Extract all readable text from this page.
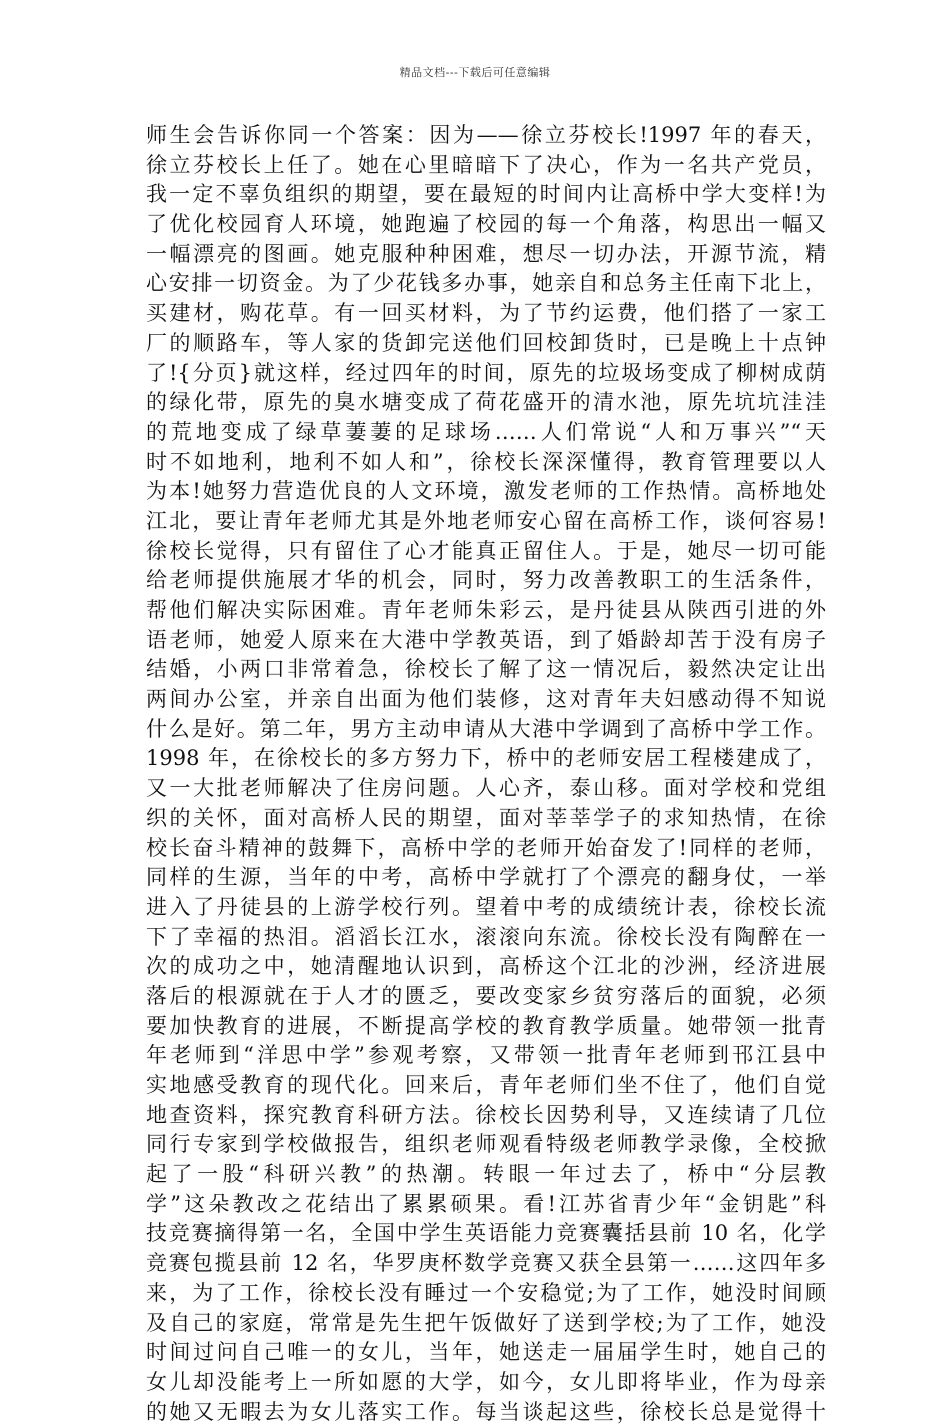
精品文档---下载后可任意编辑
师生会告诉你同一个答案：因为——徐立芬校长!1997 年的春天，
徐立芬校长上任了。她在心里暗暗下了决心，作为一名共产党员，
我一定不辜负组织的期望，要在最短的时间内让高桥中学大变样!为
了优化校园育人环境，她跑遍了校园的每一个角落，构思出一幅又
一幅漂亮的图画。她克服种种困难，想尽一切办法，开源节流，精
心安排一切资金。为了少花钱多办事，她亲自和总务主任南下北上，
买建材，购花草。有一回买材料，为了节约运费，他们搭了一家工
厂的顺路车，等人家的货卸完送他们回校卸货时，已是晚上十点钟
了!{分页}就这样，经过四年的时间，原先的垃圾场变成了柳树成荫
的绿化带，原先的臭水塘变成了荷花盛开的清水池，原先坑坑洼洼
的荒地变成了绿草萋萋的足球场……人们常说“人和万事兴”“天
时不如地利，地利不如人和”，徐校长深深懂得，教育管理要以人
为本!她努力营造优良的人文环境，激发老师的工作热情。高桥地处
江北，要让青年老师尤其是外地老师安心留在高桥工作，谈何容易!
徐校长觉得，只有留住了心才能真正留住人。于是，她尽一切可能
给老师提供施展才华的机会，同时，努力改善教职工的生活条件，
帮他们解决实际困难。青年老师朱彩云，是丹徒县从陕西引进的外
语老师，她爱人原来在大港中学教英语，到了婚龄却苦于没有房子
结婚，小两口非常着急，徐校长了解了这一情况后，毅然决定让出
两间办公室，并亲自出面为他们装修，这对青年夫妇感动得不知说
什么是好。第二年，男方主动申请从大港中学调到了高桥中学工作。
1998 年，在徐校长的多方努力下，桥中的老师安居工程楼建成了，
又一大批老师解决了住房问题。人心齐，泰山移。面对学校和党组
织的关怀，面对高桥人民的期望，面对莘莘学子的求知热情，在徐
校长奋斗精神的鼓舞下，高桥中学的老师开始奋发了!同样的老师，
同样的生源，当年的中考，高桥中学就打了个漂亮的翻身仗，一举
进入了丹徒县的上游学校行列。望着中考的成绩统计表，徐校长流
下了幸福的热泪。滔滔长江水，滚滚向东流。徐校长没有陶醉在一
次的成功之中，她清醒地认识到，高桥这个江北的沙洲，经济进展
落后的根源就在于人才的匮乏，要改变家乡贫穷落后的面貌，必须
要加快教育的进展，不断提高学校的教育教学质量。她带领一批青
年老师到“洋思中学”参观考察，又带领一批青年老师到邗江县中
实地感受教育的现代化。回来后，青年老师们坐不住了，他们自觉
地查资料，探究教育科研方法。徐校长因势利导，又连续请了几位
同行专家到学校做报告，组织老师观看特级老师教学录像，全校掀
起了一股“科研兴教”的热潮。转眼一年过去了，桥中“分层教
学”这朵教改之花结出了累累硕果。看!江苏省青少年“金钥匙”科
技竞赛摘得第一名，全国中学生英语能力竞赛囊括县前 10 名，化学
竞赛包揽县前 12 名，华罗庚杯数学竞赛又获全县第一……这四年多
来，为了工作，徐校长没有睡过一个安稳觉;为了工作，她没时间顾
及自己的家庭，常常是先生把午饭做好了送到学校;为了工作，她没
时间过问自己唯一的女儿，当年，她送走一届届学生时，她自己的
女儿却没能考上一所如愿的大学，如今，女儿即将毕业，作为母亲
的她又无暇去为女儿落实工作。每当谈起这些，徐校长总是觉得十
